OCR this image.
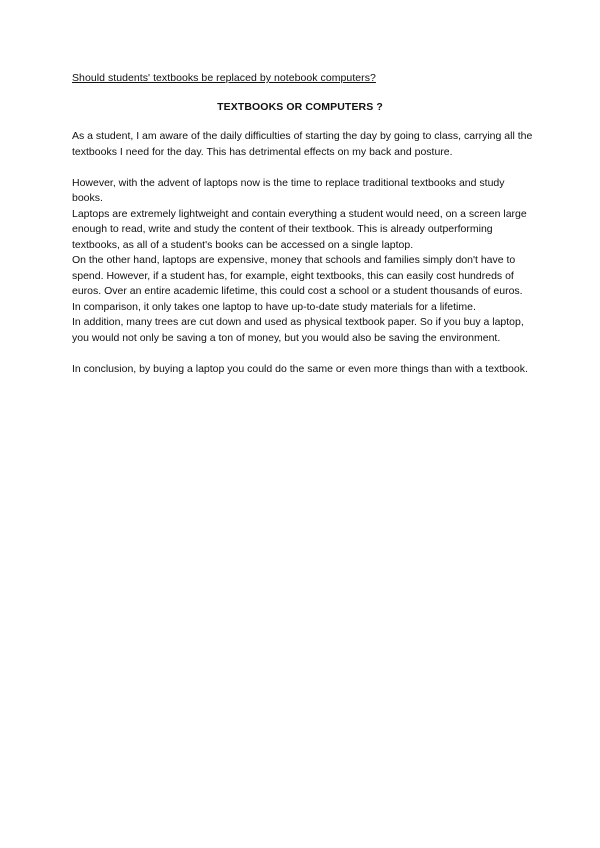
Should students' textbooks be replaced by notebook computers?
TEXTBOOKS OR COMPUTERS ?

As a student, I am aware of the daily difficulties of starting the day by going to class, carrying all the textbooks I need for the day. This has detrimental effects on my back and posture.

However, with the advent of laptops now is the time to replace traditional textbooks and study books.

Laptops are extremely lightweight and contain everything a student would need, on a screen large enough to read, write and study the content of their textbook. This is already outperforming textbooks, as all of a student's books can be accessed on a single laptop.

On the other hand, laptops are expensive, money that schools and families simply don't have to spend. However, if a student has, for example, eight textbooks, this can easily cost hundreds of euros. Over an entire academic lifetime, this could cost a school or a student thousands of euros. In comparison, it only takes one laptop to have up-to-date study materials for a lifetime.

In addition, many trees are cut down and used as physical textbook paper. So if you buy a laptop, you would not only be saving a ton of money, but you would also be saving the environment.

In conclusion, by buying a laptop you could do the same or even more things than with a textbook.
